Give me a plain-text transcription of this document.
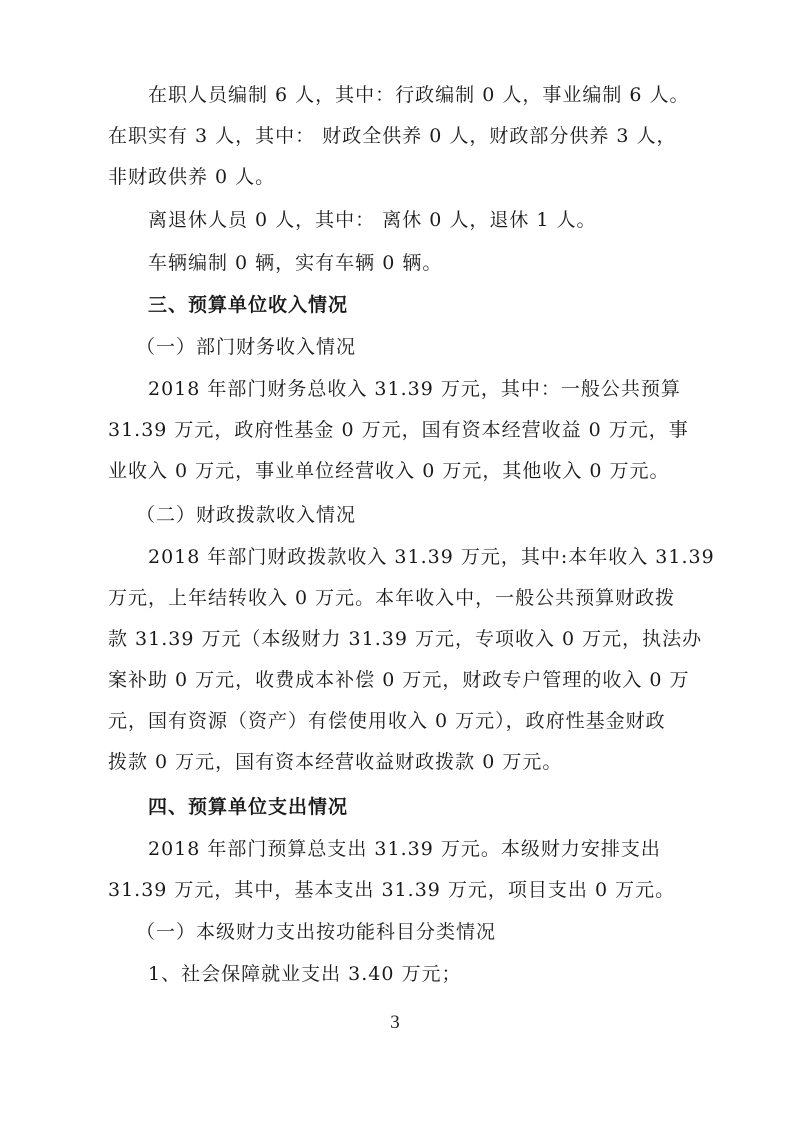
在职人员编制 6 人，其中：行政编制 0 人，事业编制 6 人。
在职实有 3 人，其中： 财政全供养 0 人，财政部分供养 3 人，
非财政供养 0 人。
离退休人员 0 人，其中： 离休 0 人，退休 1 人。
车辆编制 0 辆，实有车辆 0 辆。
三、预算单位收入情况
（一）部门财务收入情况
2018 年部门财务总收入 31.39 万元，其中：一般公共预算
31.39 万元，政府性基金 0 万元，国有资本经营收益 0 万元，事
业收入 0 万元，事业单位经营收入 0 万元，其他收入 0 万元。
（二）财政拨款收入情况
2018 年部门财政拨款收入 31.39 万元，其中:本年收入 31.39
万元，上年结转收入 0 万元。本年收入中，一般公共预算财政拨
款 31.39 万元（本级财力 31.39 万元，专项收入 0 万元，执法办
案补助 0 万元，收费成本补偿 0 万元，财政专户管理的收入 0 万
元，国有资源（资产）有偿使用收入 0 万元），政府性基金财政
拨款 0 万元，国有资本经营收益财政拨款 0 万元。
四、预算单位支出情况
2018 年部门预算总支出 31.39 万元。本级财力安排支出
31.39 万元，其中，基本支出 31.39 万元，项目支出 0 万元。
（一）本级财力支出按功能科目分类情况
1、社会保障就业支出 3.40 万元；
3
